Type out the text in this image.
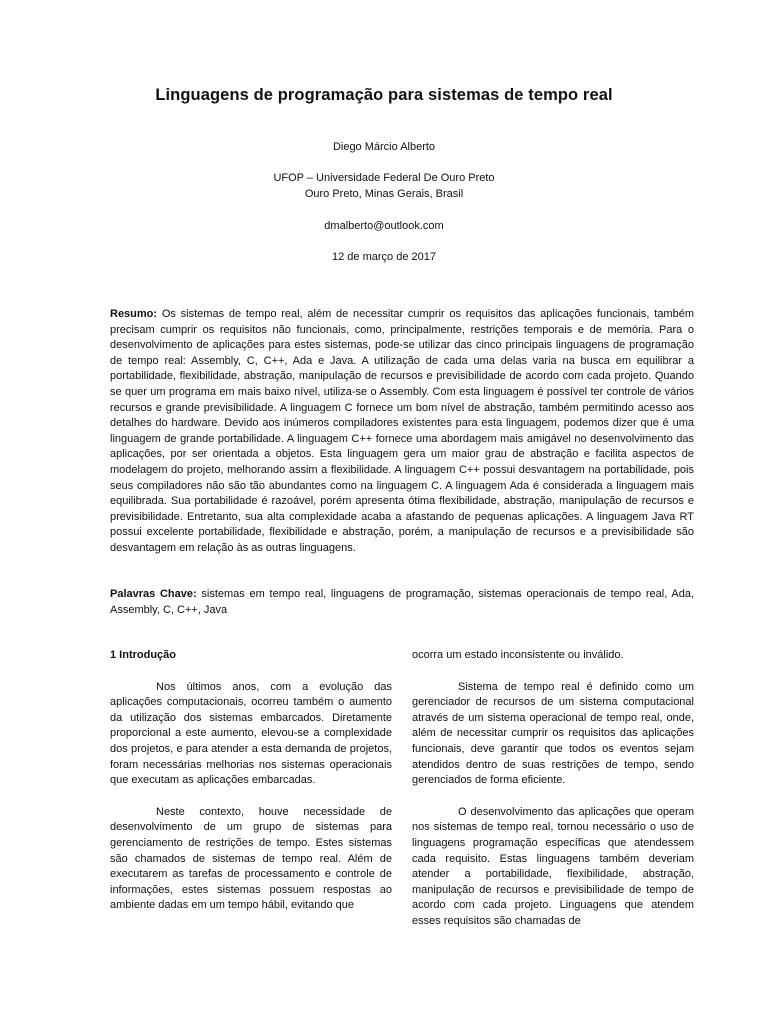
Linguagens de programação para sistemas de tempo real
Diego Márcio Alberto
UFOP – Universidade Federal De Ouro Preto
Ouro Preto, Minas Gerais, Brasil
dmalberto@outlook.com
12 de março de 2017
Resumo: Os sistemas de tempo real, além de necessitar cumprir os requisitos das aplicações funcionais, também precisam cumprir os requisitos não funcionais, como, principalmente, restrições temporais e de memória. Para o desenvolvimento de aplicações para estes sistemas, pode-se utilizar das cinco principais linguagens de programação de tempo real: Assembly, C, C++, Ada e Java. A utilização de cada uma delas varia na busca em equilibrar a portabilidade, flexibilidade, abstração, manipulação de recursos e previsibilidade de acordo com cada projeto. Quando se quer um programa em mais baixo nível, utiliza-se o Assembly. Com esta linguagem é possível ter controle de vários recursos e grande previsibilidade. A linguagem C fornece um bom nível de abstração, também permitindo acesso aos detalhes do hardware. Devido aos inúmeros compiladores existentes para esta linguagem, podemos dizer que é uma linguagem de grande portabilidade. A linguagem C++ fornece uma abordagem mais amigável no desenvolvimento das aplicações, por ser orientada a objetos. Esta linguagem gera um maior grau de abstração e facilita aspectos de modelagem do projeto, melhorando assim a flexibilidade. A linguagem C++ possui desvantagem na portabilidade, pois seus compiladores não são tão abundantes como na linguagem C. A linguagem Ada é considerada a linguagem mais equilibrada. Sua portabilidade é razoável, porém apresenta ótima flexibilidade, abstração, manipulação de recursos e previsibilidade. Entretanto, sua alta complexidade acaba a afastando de pequenas aplicações. A linguagem Java RT possui excelente portabilidade, flexibilidade e abstração, porém, a manipulação de recursos e a previsibilidade são desvantagem em relação às as outras linguagens.
Palavras Chave: sistemas em tempo real, linguagens de programação, sistemas operacionais de tempo real, Ada, Assembly, C, C++, Java
1 Introdução

Nos últimos anos, com a evolução das aplicações computacionais, ocorreu também o aumento da utilização dos sistemas embarcados. Diretamente proporcional a este aumento, elevou-se a complexidade dos projetos, e para atender a esta demanda de projetos, foram necessárias melhorias nos sistemas operacionais que executam as aplicações embarcadas.

Neste contexto, houve necessidade de desenvolvimento de um grupo de sistemas para gerenciamento de restrições de tempo. Estes sistemas são chamados de sistemas de tempo real. Além de executarem as tarefas de processamento e controle de informações, estes sistemas possuem respostas ao ambiente dadas em um tempo hábil, evitando que

ocorra um estado inconsistente ou inválido.

Sistema de tempo real é definido como um gerenciador de recursos de um sistema computacional através de um sistema operacional de tempo real, onde, além de necessitar cumprir os requisitos das aplicações funcionais, deve garantir que todos os eventos sejam atendidos dentro de suas restrições de tempo, sendo gerenciados de forma eficiente.

O desenvolvimento das aplicações que operam nos sistemas de tempo real, tornou necessário o uso de linguagens programação específicas que atendessem cada requisito. Estas linguagens também deveriam atender a portabilidade, flexibilidade, abstração, manipulação de recursos e previsibilidade de tempo de acordo com cada projeto. Linguagens que atendem esses requisitos são chamadas de
